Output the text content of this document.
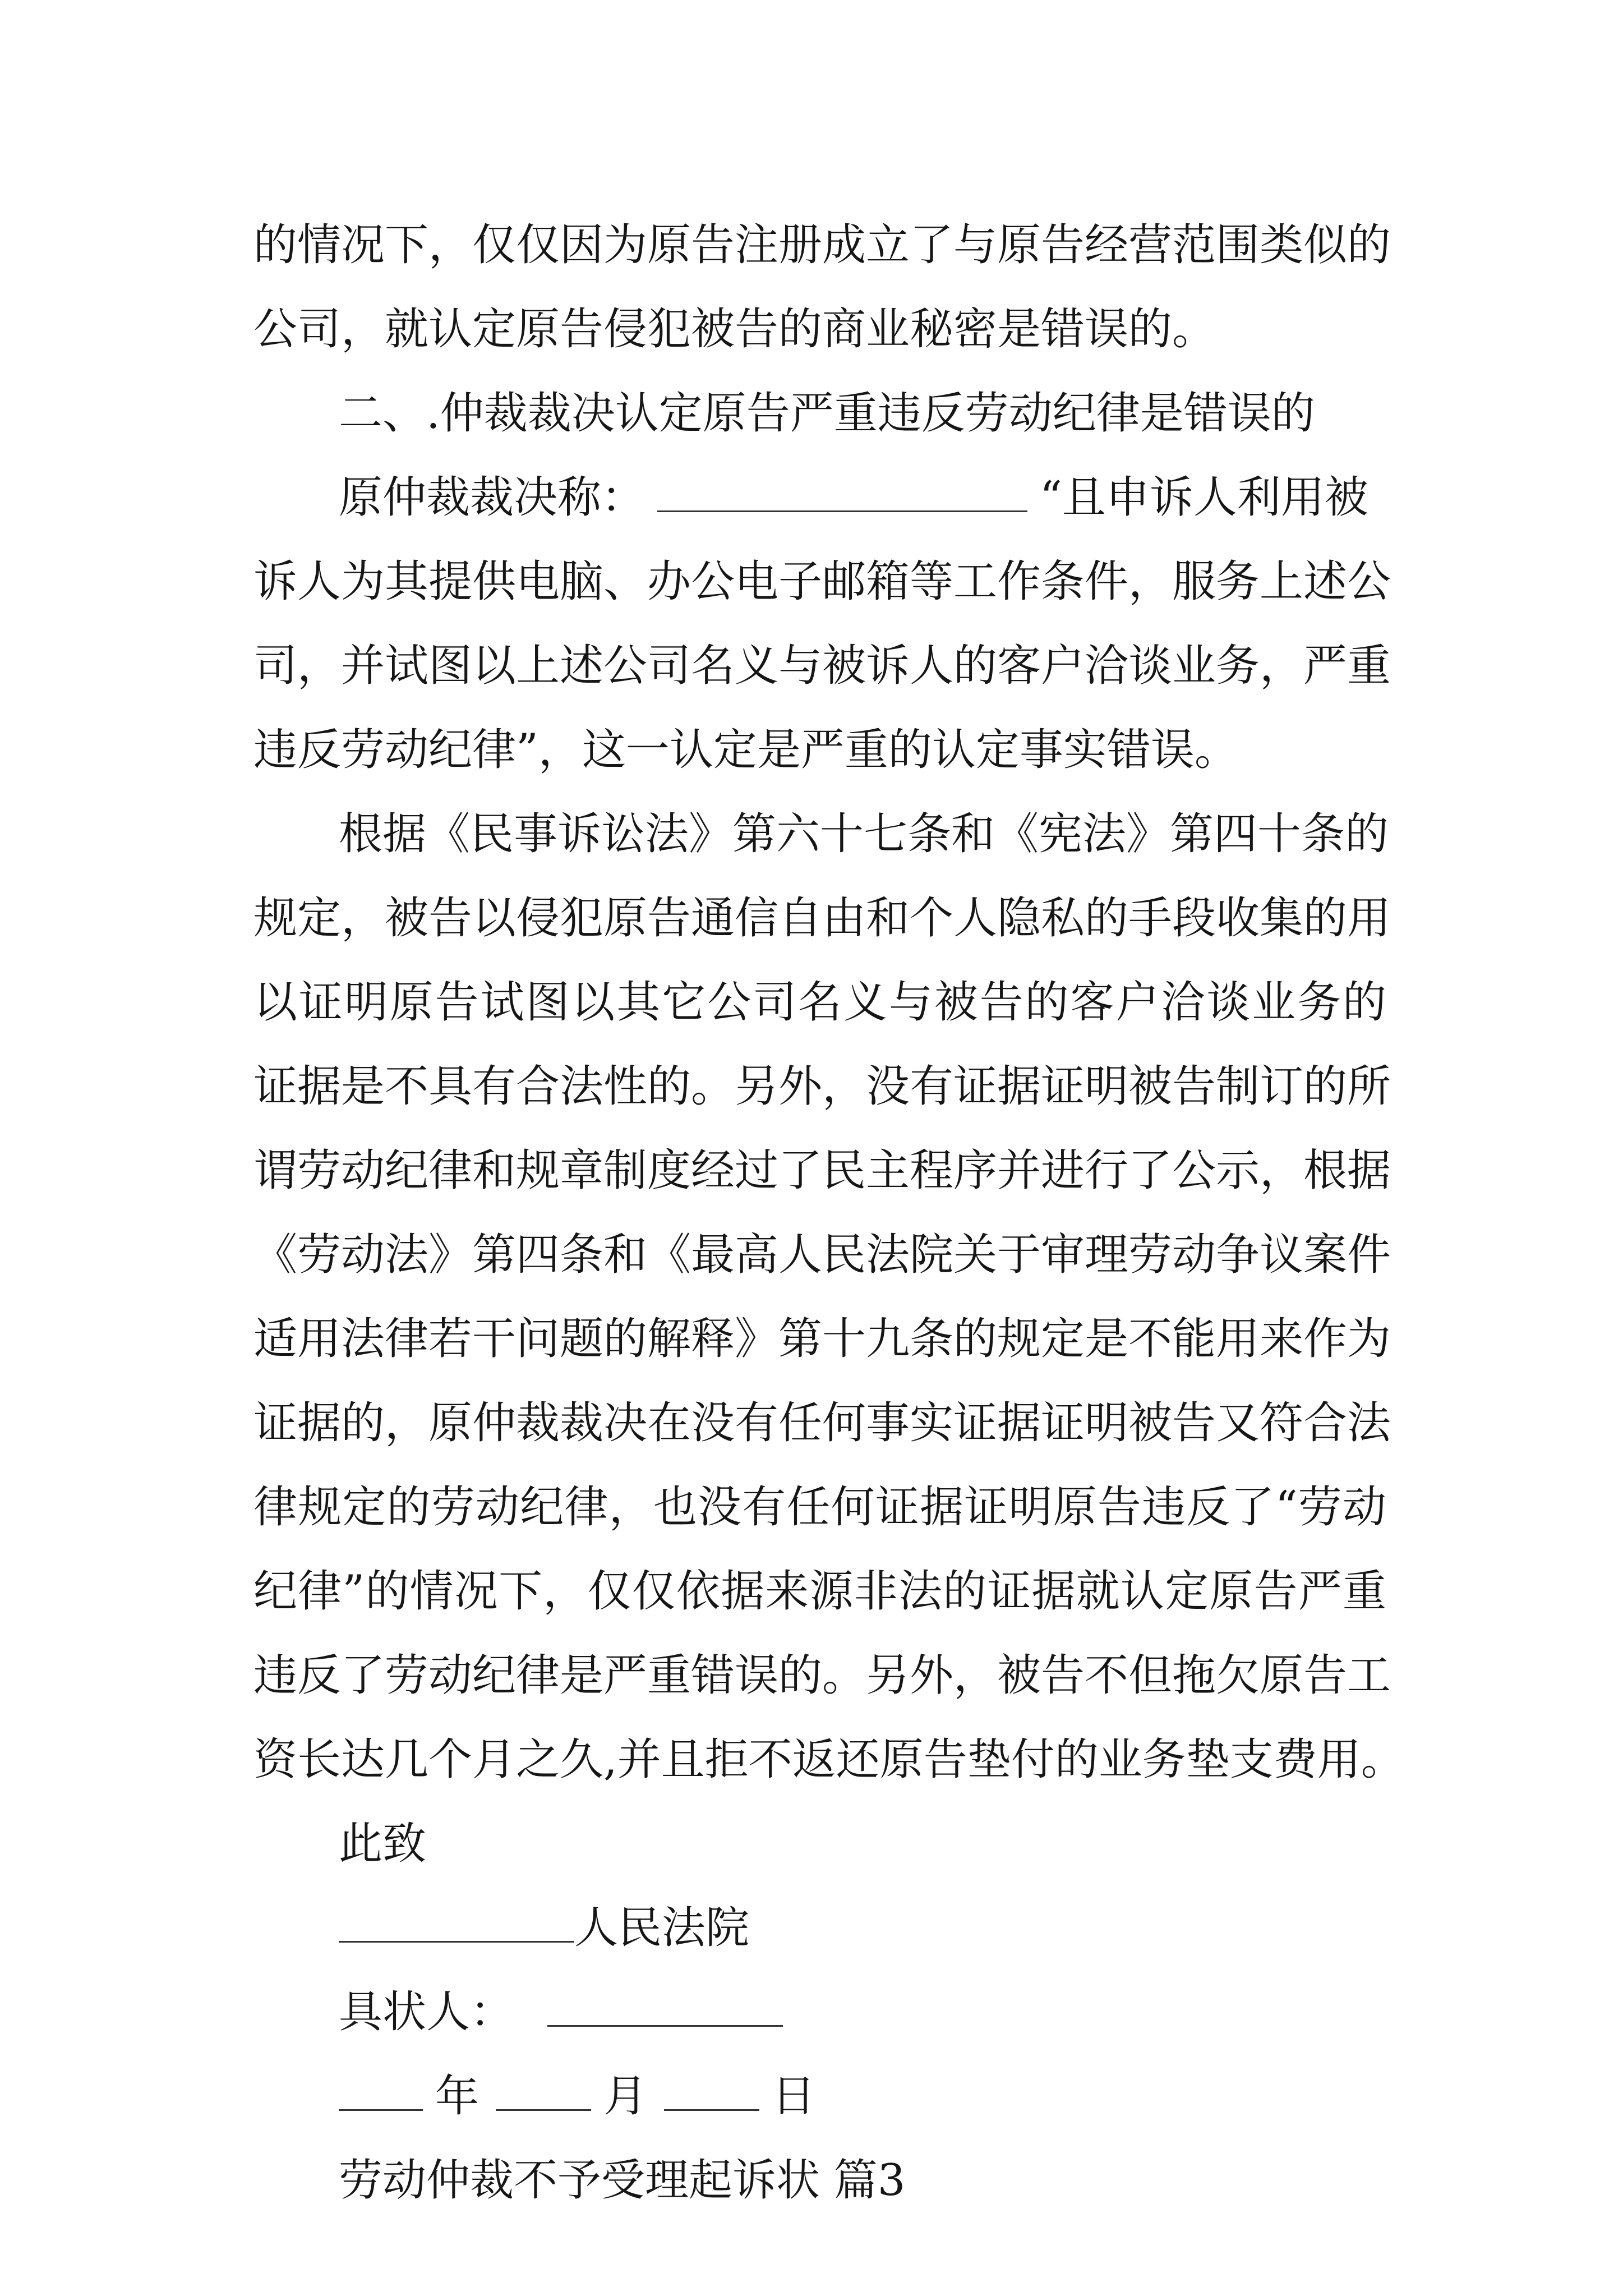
的情况下，仅仅因为原告注册成立了与原告经营范围类似的
公司，就认定原告侵犯被告的商业秘密是错误的。
二、.仲裁裁决认定原告严重违反劳动纪律是错误的
原仲裁裁决称：	“且申诉人利用被
诉人为其提供电脑、办公电子邮箱等工作条件，服务上述公
司，并试图以上述公司名义与被诉人的客户洽谈业务，严重
违反劳动纪律”，这一认定是严重的认定事实错误。
根据《民事诉讼法》第六十七条和《宪法》第四十条的
规定，被告以侵犯原告通信自由和个人隐私的手段收集的用
以证明原告试图以其它公司名义与被告的客户洽谈业务的
证据是不具有合法性的。另外，没有证据证明被告制订的所
谓劳动纪律和规章制度经过了民主程序并进行了公示，根据
《劳动法》第四条和《最高人民法院关于审理劳动争议案件
适用法律若干问题的解释》第十九条的规定是不能用来作为
证据的，原仲裁裁决在没有任何事实证据证明被告又符合法
律规定的劳动纪律，也没有任何证据证明原告违反了“劳动
纪律”的情况下，仅仅依据来源非法的证据就认定原告严重
违反了劳动纪律是严重错误的。另外，被告不但拖欠原告工
资长达几个月之久,并且拒不返还原告垫付的业务垫支费用。
此致
人民法院
具状人：
年	月	日
劳动仲裁不予受理起诉状 篇3
